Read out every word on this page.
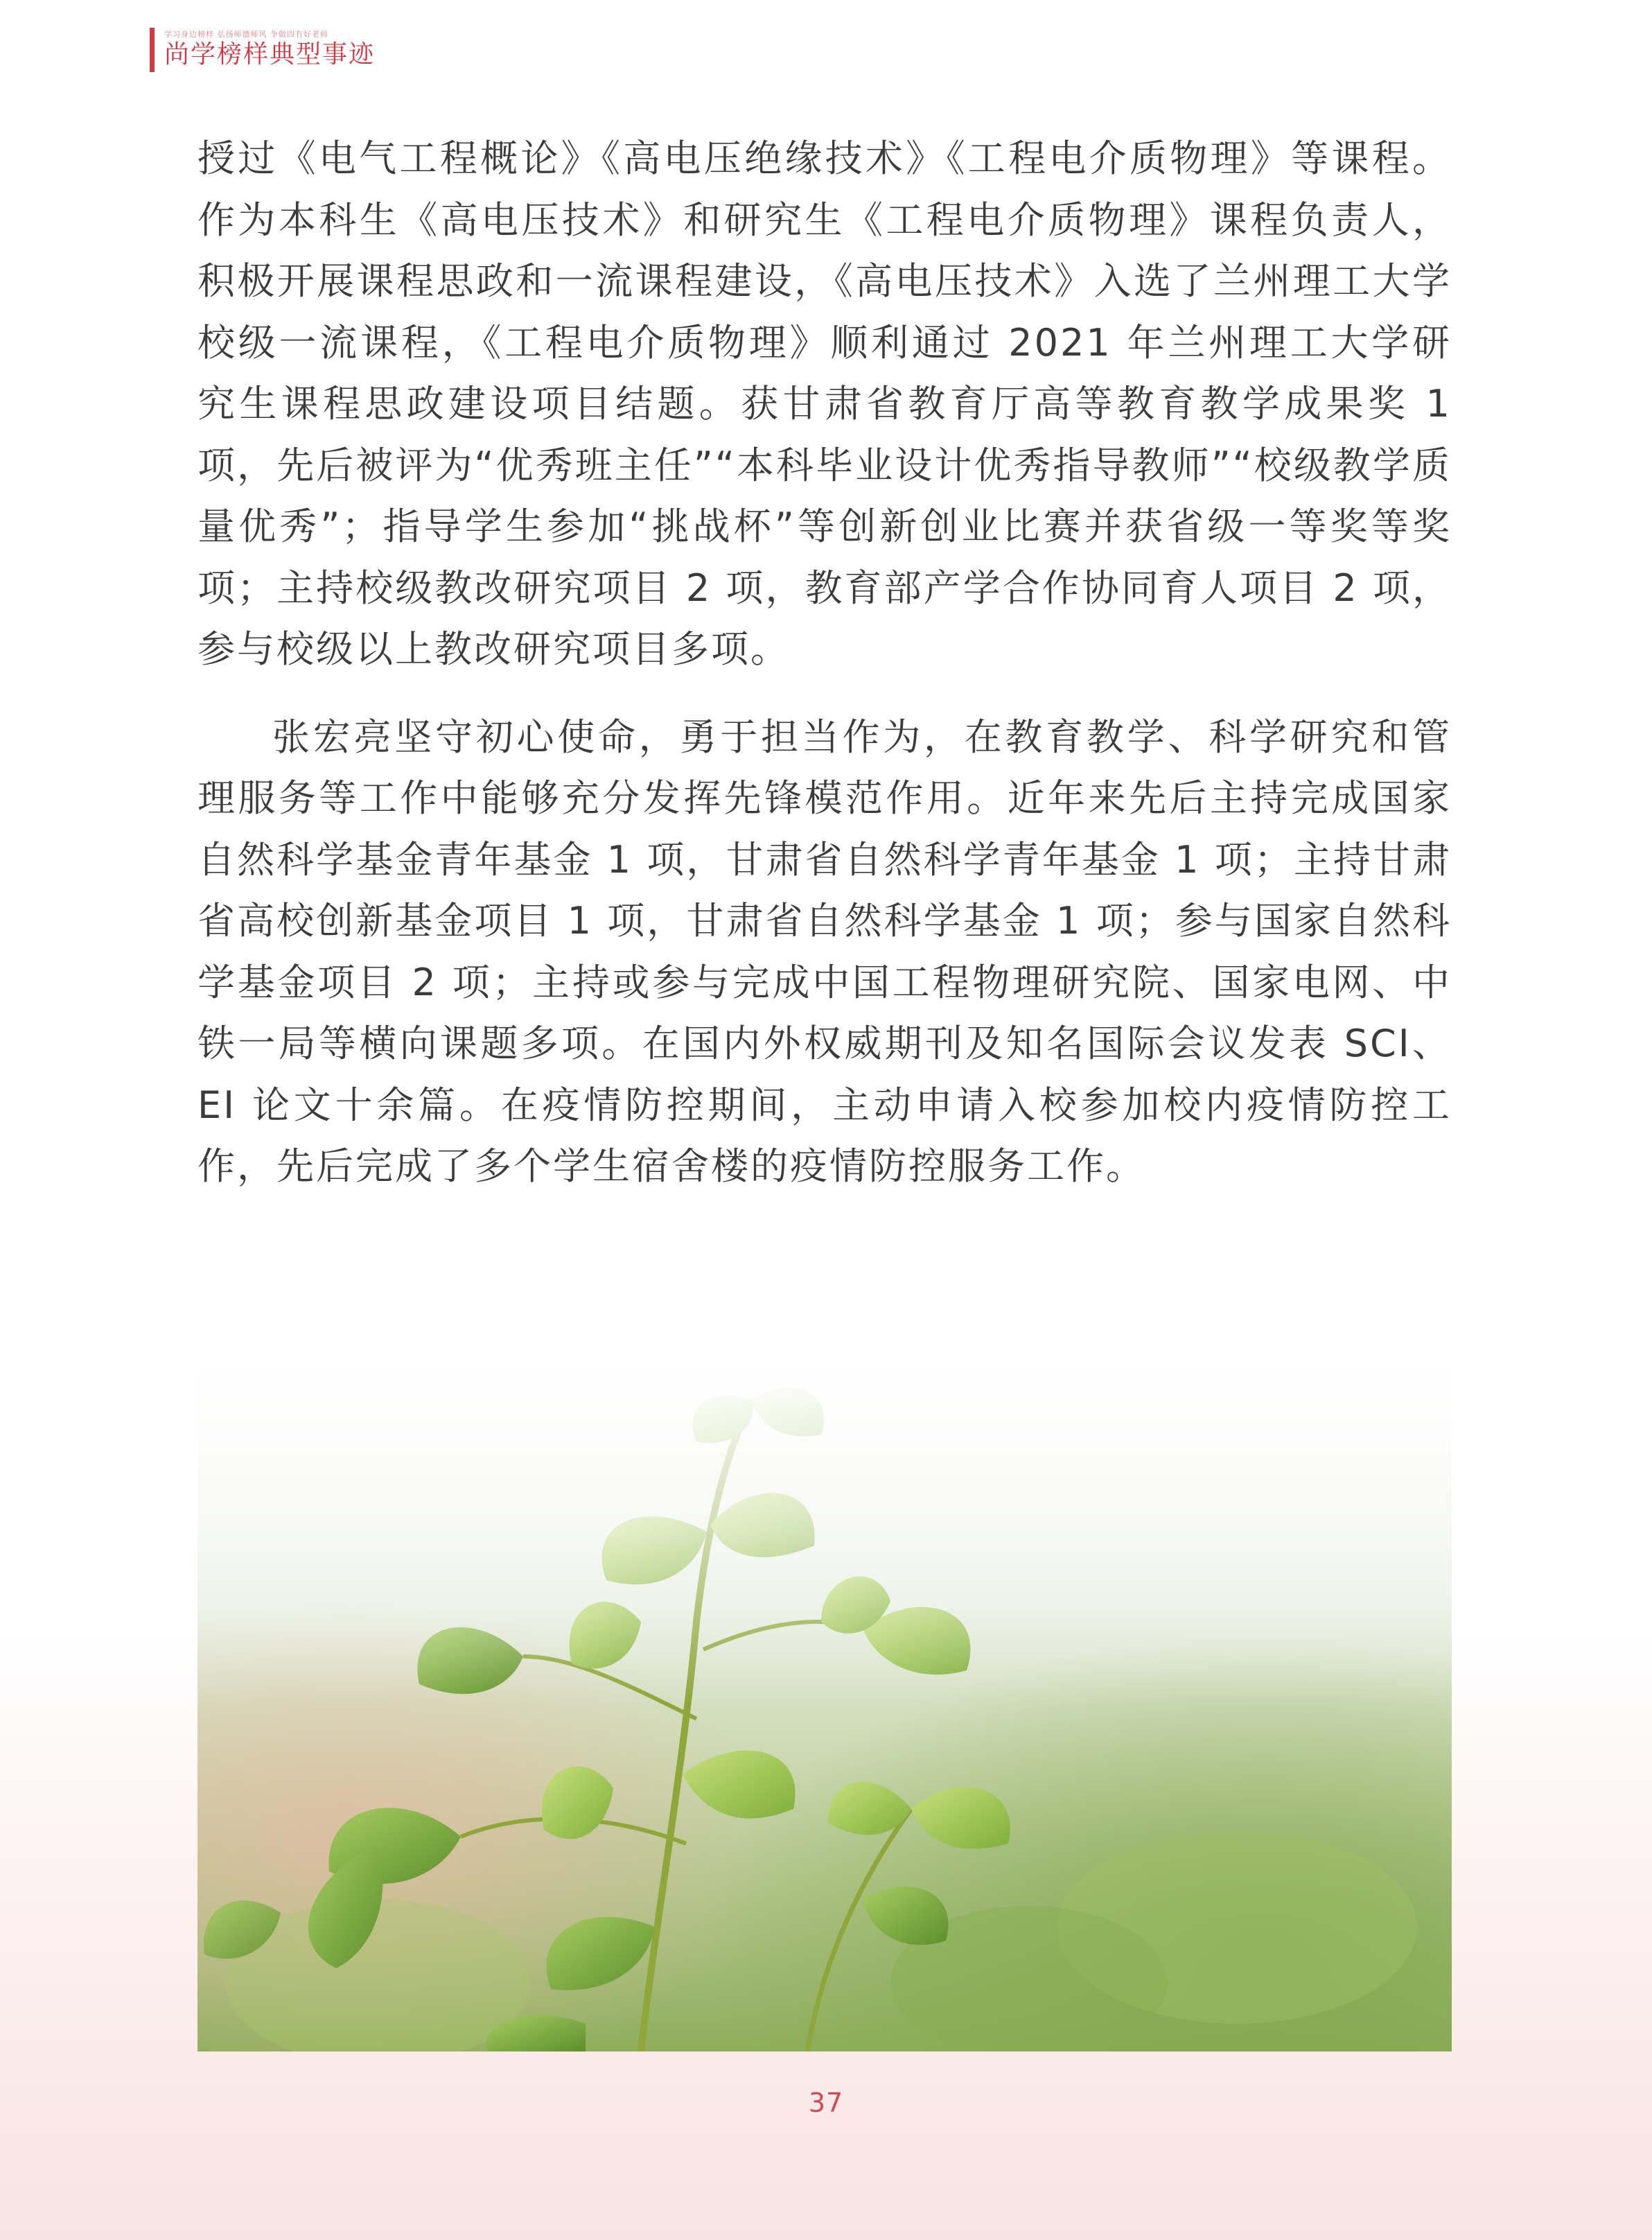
学习身边榜样 弘扬师德师风 争做四有好老师
尚学榜样典型事迹

授过《电气工程概论》《高电压绝缘技术》《工程电介质物理》等课程。作为本科生《高电压技术》和研究生《工程电介质物理》课程负责人，积极开展课程思政和一流课程建设，《高电压技术》入选了兰州理工大学校级一流课程，《工程电介质物理》顺利通过 2021 年兰州理工大学研究生课程思政建设项目结题。获甘肃省教育厅高等教育教学成果奖 1 项，先后被评为“优秀班主任”“本科毕业设计优秀指导教师”“校级教学质量优秀”；指导学生参加“挑战杯”等创新创业比赛并获省级一等奖等奖项；主持校级教改研究项目 2 项，教育部产学合作协同育人项目 2 项，参与校级以上教改研究项目多项。

张宏亮坚守初心使命，勇于担当作为，在教育教学、科学研究和管理服务等工作中能够充分发挥先锋模范作用。近年来先后主持完成国家自然科学基金青年基金 1 项，甘肃省自然科学青年基金 1 项；主持甘肃省高校创新基金项目 1 项，甘肃省自然科学基金 1 项；参与国家自然科学基金项目 2 项；主持或参与完成中国工程物理研究院、国家电网、中铁一局等横向课题多项。在国内外权威期刊及知名国际会议发表 SCI、EI 论文十余篇。在疫情防控期间，主动申请入校参加校内疫情防控工作，先后完成了多个学生宿舍楼的疫情防控服务工作。

37
